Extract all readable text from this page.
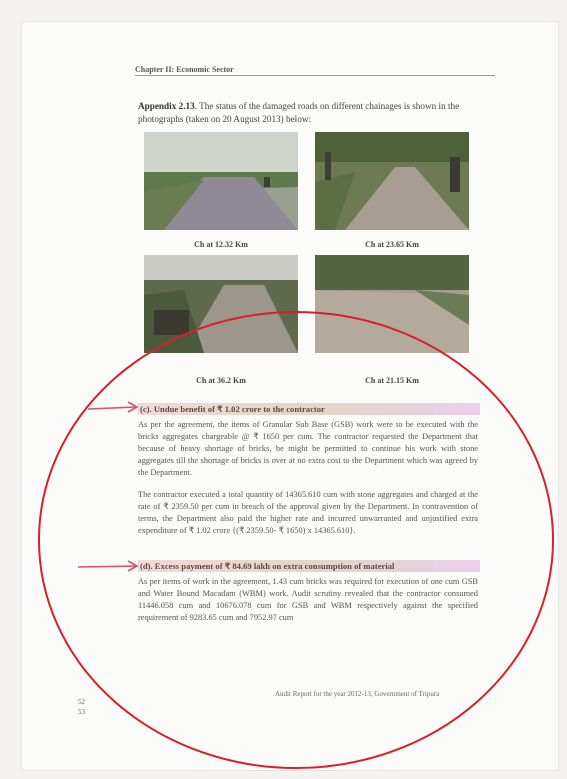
Chapter II: Economic Sector
Appendix 2.13. The status of the damaged roads on different chainages is shown in the photographs (taken on 20 August 2013) below:
Ch at 12.32 Km	Ch at 23.65 Km
Ch at 36.2 Km	Ch at 21.15 Km
(c). Undue benefit of ₹ 1.02 crore to the contractor
As per the agreement, the items of Granular Sub Base (GSB) work were to be executed with the bricks aggregates chargeable @ ₹ 1650 per cum. The contractor requested the Department that because of heavy shortage of bricks, he might be permitted to continue his work with stone aggregates till the shortage of bricks is over at no extra cost to the Department which was agreed by the Department.
The contractor executed a total quantity of 14365.610 cum with stone aggregates and charged at the rate of ₹ 2359.50 per cum in breach of the approval given by the Department. In contravention of terms, the Department also paid the higher rate and incurred unwarranted and unjustified extra expenditure of ₹ 1.02 crore {(₹ 2359.50- ₹ 1650) x 14365.610}.
(d). Excess payment of ₹ 84.69 lakh on extra consumption of material
As per items of work in the agreement, 1.43 cum bricks was required for execution of one cum GSB and Water Bound Macadam (WBM) work. Audit scrutiny revealed that the contractor consumed 11446.058 cum and 10676.078 cum for GSB and WBM respectively against the specified requirement of 9283.65 cum and 7952.97 cum
Audit Report for the year 2012-13, Government of Tripura
52
53
